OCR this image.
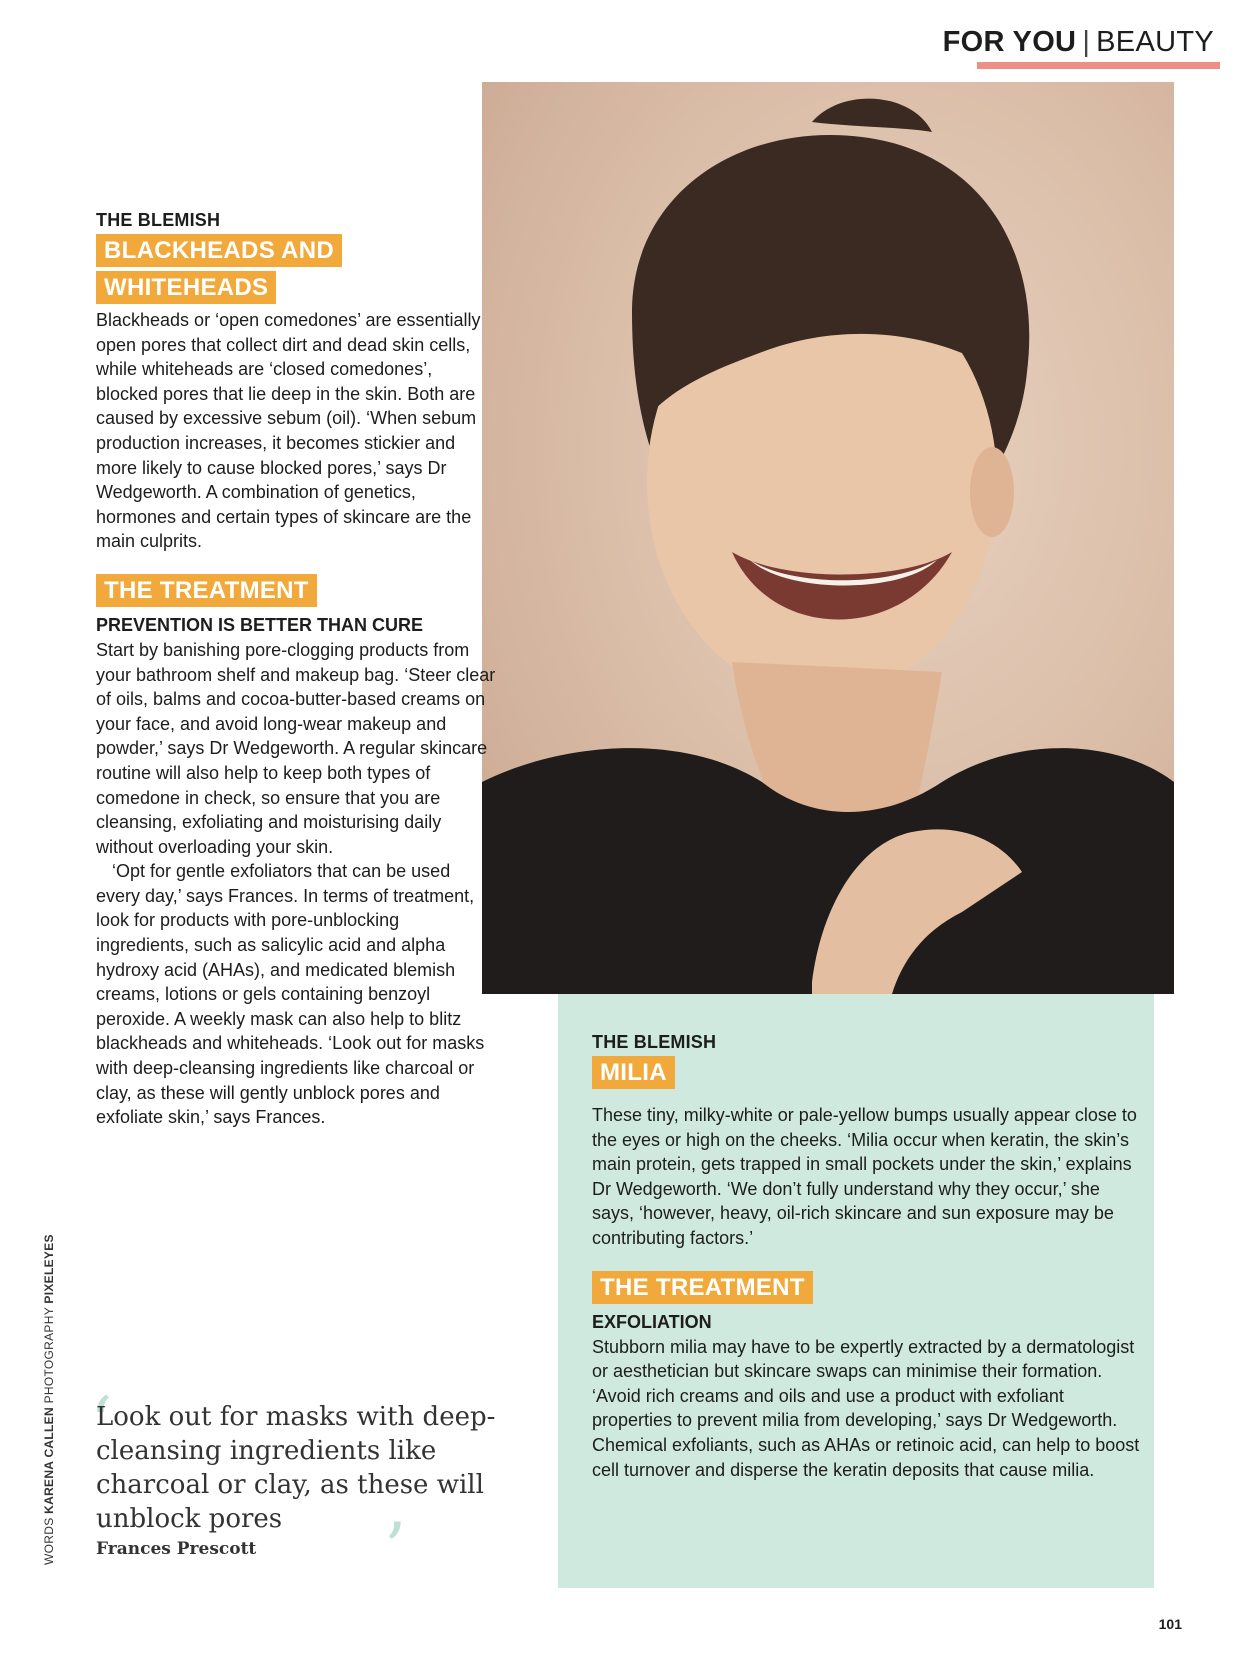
FOR YOU | BEAUTY

THE BLEMISH

BLACKHEADS AND
WHITEHEADS

Blackheads or ‘open comedones’ are essentially open pores that collect dirt and dead skin cells, while whiteheads are ‘closed comedones’, blocked pores that lie deep in the skin. Both are caused by excessive sebum (oil). ‘When sebum production increases, it becomes stickier and more likely to cause blocked pores,’ says Dr Wedgeworth. A combination of genetics, hormones and certain types of skincare are the main culprits.

THE TREATMENT

PREVENTION IS BETTER THAN CURE

Start by banishing pore-clogging products from your bathroom shelf and makeup bag. ‘Steer clear of oils, balms and cocoa-butter-based creams on your face, and avoid long-wear makeup and powder,’ says Dr Wedgeworth. A regular skincare routine will also help to keep both types of comedone in check, so ensure that you are cleansing, exfoliating and moisturising daily without overloading your skin.

‘Opt for gentle exfoliators that can be used every day,’ says Frances. In terms of treatment, look for products with pore-unblocking ingredients, such as salicylic acid and alpha hydroxy acid (AHAs), and medicated blemish creams, lotions or gels containing benzoyl peroxide. A weekly mask can also help to blitz blackheads and whiteheads. ‘Look out for masks with deep-cleansing ingredients like charcoal or clay, as these will gently unblock pores and exfoliate skin,’ says Frances.

‘

Look out for masks with deep-cleansing ingredients like charcoal or clay, as these will unblock pores	’

Frances Prescott

WORDS KARENA CALLEN PHOTOGRAPHY PIXELEYES

THE BLEMISH

MILIA

These tiny, milky-white or pale-yellow bumps usually appear close to the eyes or high on the cheeks. ‘Milia occur when keratin, the skin’s main protein, gets trapped in small pockets under the skin,’ explains Dr Wedgeworth. ‘We don’t fully understand why they occur,’ she says, ‘however, heavy, oil-rich skincare and sun exposure may be contributing factors.’

THE TREATMENT

EXFOLIATION

Stubborn milia may have to be expertly extracted by a dermatologist or aesthetician but skincare swaps can minimise their formation. ‘Avoid rich creams and oils and use a product with exfoliant properties to prevent milia from developing,’ says Dr Wedgeworth. Chemical exfoliants, such as AHAs or retinoic acid, can help to boost cell turnover and disperse the keratin deposits that cause milia.

101
